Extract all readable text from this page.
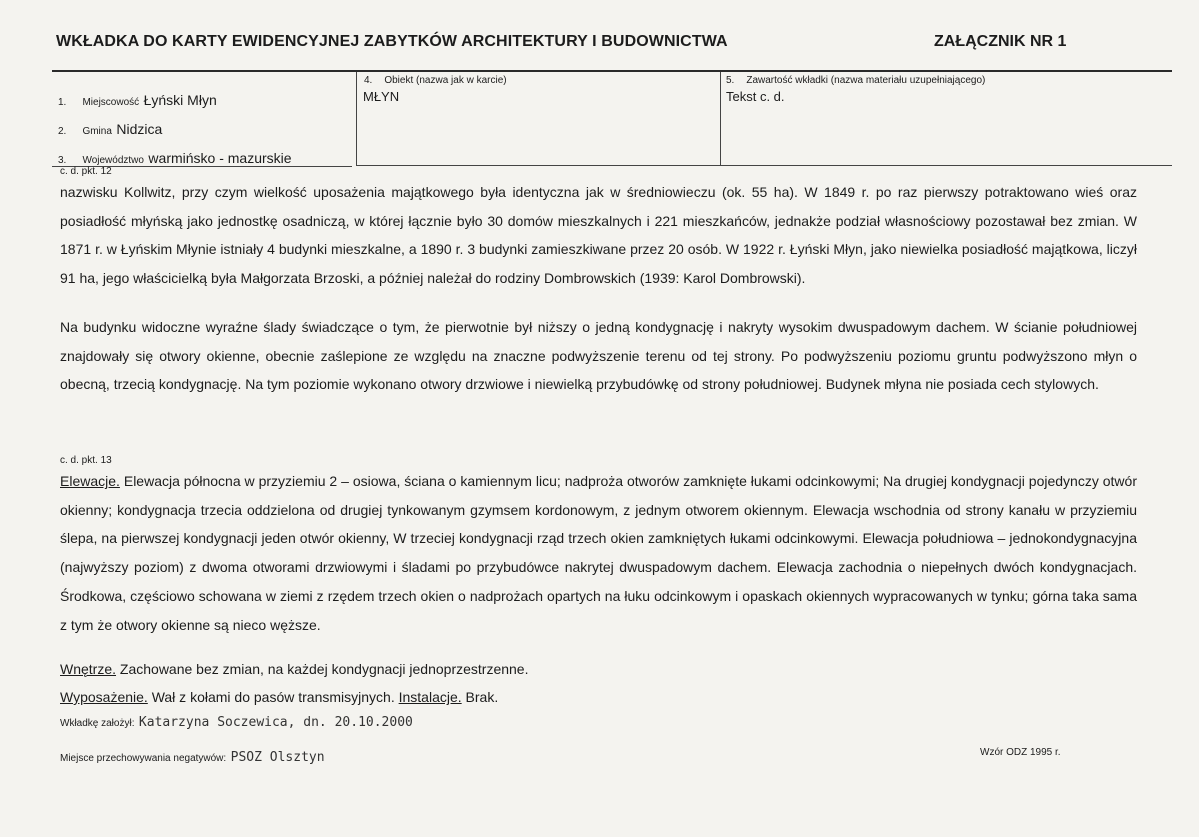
WKŁADKA DO KARTY EWIDENCYJNEJ ZABYTKÓW ARCHITEKTURY I BUDOWNICTWA	ZAŁĄCZNIK NR 1
1. Miejscowość Łyński Młyn
2. Gmina Nidzica
3. Województwo warmińsko - mazurskie
4. Obiekt (nazwa jak w karcie)
MŁYN
5. Zawartość wkładki (nazwa materiału uzupełniającego)
Tekst c. d.
c. d. pkt. 12
nazwisku Kollwitz, przy czym wielkość uposażenia majątkowego była identyczna jak w średniowieczu (ok. 55 ha). W 1849 r. po raz pierwszy potraktowano wieś oraz posiadłość młyńską jako jednostkę osadniczą, w której łącznie było 30 domów mieszkalnych i 221 mieszkańców, jednakże podział własnościowy pozostawał bez zmian. W 1871 r. w Łyńskim Młynie istniały 4 budynki mieszkalne, a 1890 r. 3 budynki zamieszkiwane przez 20 osób. W 1922 r. Łyński Młyn, jako niewielka posiadłość majątkowa, liczył 91 ha, jego właścicielką była Małgorzata Brzoski, a później należał do rodziny Dombrowskich (1939: Karol Dombrowski).
Na budynku widoczne wyraźne ślady świadczące o tym, że pierwotnie był niższy o jedną kondygnację i nakryty wysokim dwuspadowym dachem. W ścianie południowej znajdowały się otwory okienne, obecnie zaślepione ze względu na znaczne podwyższenie terenu od tej strony. Po podwyższeniu poziomu gruntu podwyższono młyn o obecną, trzecią kondygnację. Na tym poziomie wykonano otwory drzwiowe i niewielką przybudówkę od strony południowej. Budynek młyna nie posiada cech stylowych.
c. d. pkt. 13
Elewacje. Elewacja północna w przyziemiu 2 – osiowa, ściana o kamiennym licu; nadproża otworów zamknięte łukami odcinkowymi; Na drugiej kondygnacji pojedynczy otwór okienny; kondygnacja trzecia oddzielona od drugiej tynkowanym gzymsem kordonowym, z jednym otworem okiennym. Elewacja wschodnia od strony kanału w przyziemiu ślepa, na pierwszej kondygnacji jeden otwór okienny, W trzeciej kondygnacji rząd trzech okien zamkniętych łukami odcinkowymi. Elewacja południowa – jednokondygnacyjna (najwyższy poziom) z dwoma otworami drzwiowymi i śladami po przybudówce nakrytej dwuspadowym dachem. Elewacja zachodnia o niepełnych dwóch kondygnacjach. Środkowa, częściowo schowana w ziemi z rzędem trzech okien o nadprożach opartych na łuku odcinkowym i opaskach okiennych wypracowanych w tynku; górna taka sama z tym że otwory okienne są nieco węższe.
Wnętrze. Zachowane bez zmian, na każdej kondygnacji jednoprzestrzenne.
Wyposażenie. Wał z kołami do pasów transmisyjnych. Instalacje. Brak.
Wkładkę założył: Katarzyna Soczewica, dn. 20.10.2000
Miejsce przechowywania negatywów: PSOZ Olsztyn	Wzór ODZ 1995 r.
